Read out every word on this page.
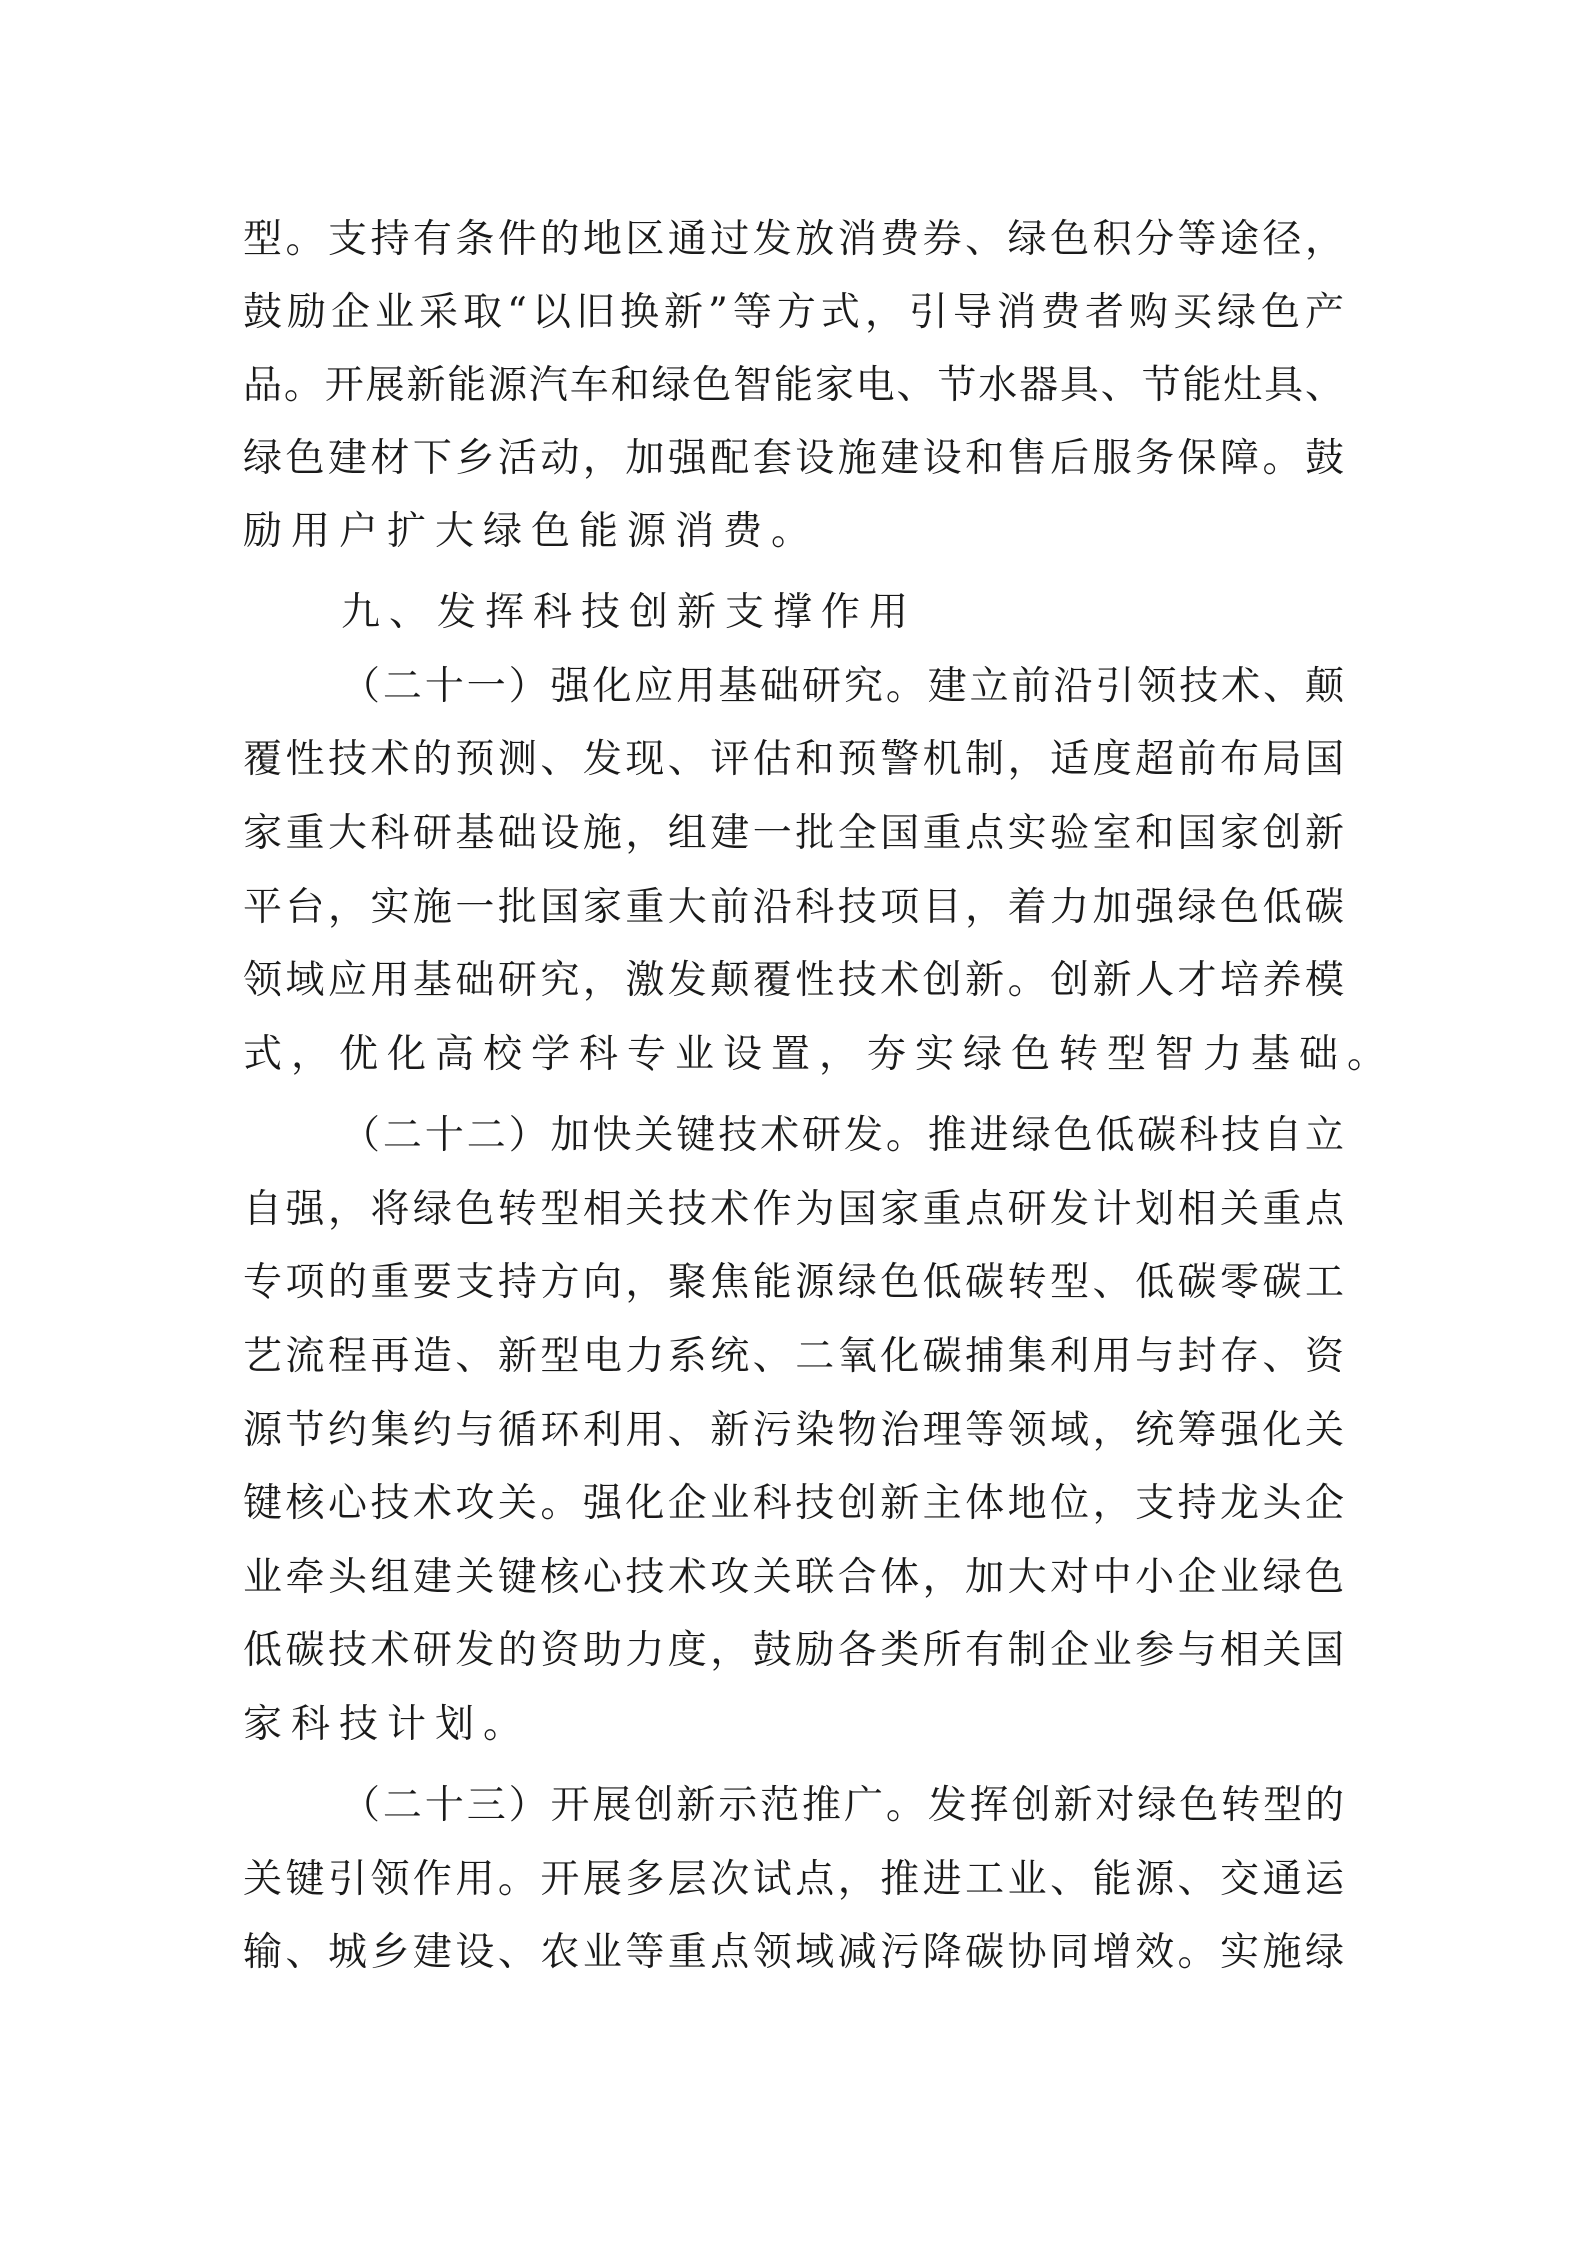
型。支持有条件的地区通过发放消费券、绿色积分等途径，
鼓励企业采取“以旧换新”等方式，引导消费者购买绿色产
品。开展新能源汽车和绿色智能家电、节水器具、节能灶具、
绿色建材下乡活动，加强配套设施建设和售后服务保障。鼓
励用户扩大绿色能源消费。
九、发挥科技创新支撑作用
（二十一）强化应用基础研究。建立前沿引领技术、颠
覆性技术的预测、发现、评估和预警机制，适度超前布局国
家重大科研基础设施，组建一批全国重点实验室和国家创新
平台，实施一批国家重大前沿科技项目，着力加强绿色低碳
领域应用基础研究，激发颠覆性技术创新。创新人才培养模
式，优化高校学科专业设置，夯实绿色转型智力基础。
（二十二）加快关键技术研发。推进绿色低碳科技自立
自强，将绿色转型相关技术作为国家重点研发计划相关重点
专项的重要支持方向，聚焦能源绿色低碳转型、低碳零碳工
艺流程再造、新型电力系统、二氧化碳捕集利用与封存、资
源节约集约与循环利用、新污染物治理等领域，统筹强化关
键核心技术攻关。强化企业科技创新主体地位，支持龙头企
业牵头组建关键核心技术攻关联合体，加大对中小企业绿色
低碳技术研发的资助力度，鼓励各类所有制企业参与相关国
家科技计划。
（二十三）开展创新示范推广。发挥创新对绿色转型的
关键引领作用。开展多层次试点，推进工业、能源、交通运
输、城乡建设、农业等重点领域减污降碳协同增效。实施绿
